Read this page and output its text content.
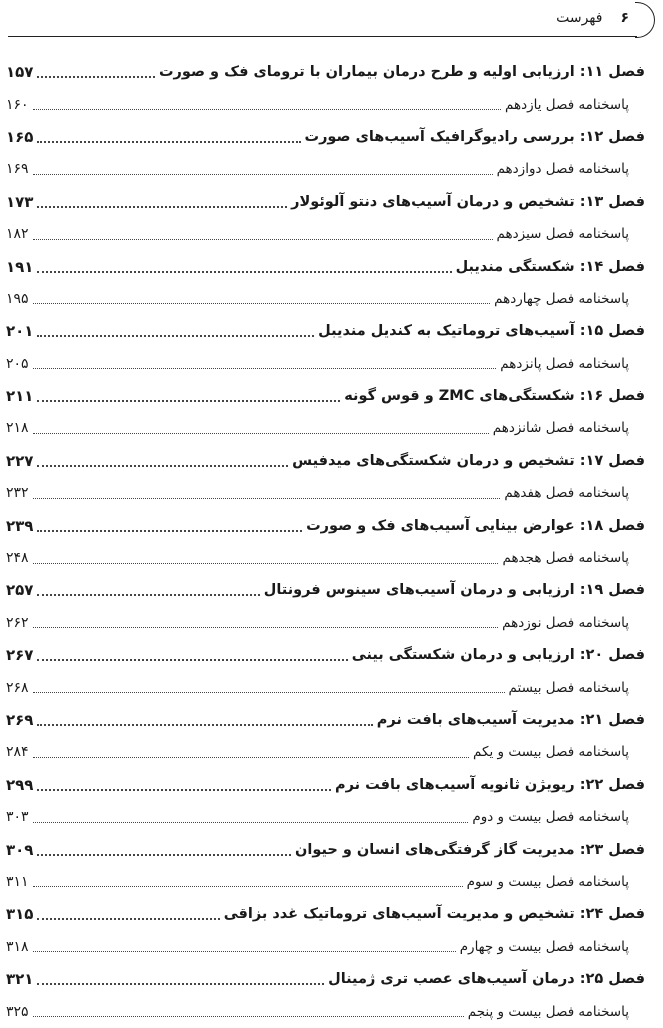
۶
فهرست
فصل ۱۱: ارزیابی اولیه و طرح درمان بیماران با ترومای فک و صورت
۱۵۷
پاسخنامه فصل یازدهم
۱۶۰
فصل ۱۲: بررسی رادیوگرافیک آسیب‌های صورت
۱۶۵
پاسخنامه فصل دوازدهم
۱۶۹
فصل ۱۳: تشخیص و درمان آسیب‌های دنتو آلوئولار
۱۷۳
پاسخنامه فصل سیزدهم
۱۸۲
فصل ۱۴: شکستگی مندیبل
۱۹۱
پاسخنامه فصل چهاردهم
۱۹۵
فصل ۱۵: آسیب‌های تروماتیک به کندیل مندیبل
۲۰۱
پاسخنامه فصل پانزدهم
۲۰۵
فصل ۱۶: شکستگی‌های ZMC و قوس گونه
۲۱۱
پاسخنامه فصل شانزدهم
۲۱۸
فصل ۱۷: تشخیص و درمان شکستگی‌های میدفیس
۲۲۷
پاسخنامه فصل هفدهم
۲۳۲
فصل ۱۸: عوارض بینایی آسیب‌های فک و صورت
۲۳۹
پاسخنامه فصل هجدهم
۲۴۸
فصل ۱۹: ارزیابی و درمان آسیب‌های سینوس فرونتال
۲۵۷
پاسخنامه فصل نوزدهم
۲۶۲
فصل ۲۰: ارزیابی و درمان شکستگی بینی
۲۶۷
پاسخنامه فصل بیستم
۲۶۸
فصل ۲۱: مدیریت آسیب‌های بافت نرم
۲۶۹
پاسخنامه فصل بیست و یکم
۲۸۴
فصل ۲۲: ریویژن ثانویه آسیب‌های بافت نرم
۲۹۹
پاسخنامه فصل بیست و دوم
۳۰۳
فصل ۲۳: مدیریت گاز گرفتگی‌های انسان و حیوان
۳۰۹
پاسخنامه فصل بیست و سوم
۳۱۱
فصل ۲۴: تشخیص و مدیریت آسیب‌های تروماتیک غدد بزاقی
۳۱۵
پاسخنامه فصل بیست و چهارم
۳۱۸
فصل ۲۵: درمان آسیب‌های عصب تری ژمینال
۳۲۱
پاسخنامه فصل بیست و پنجم
۳۲۵
